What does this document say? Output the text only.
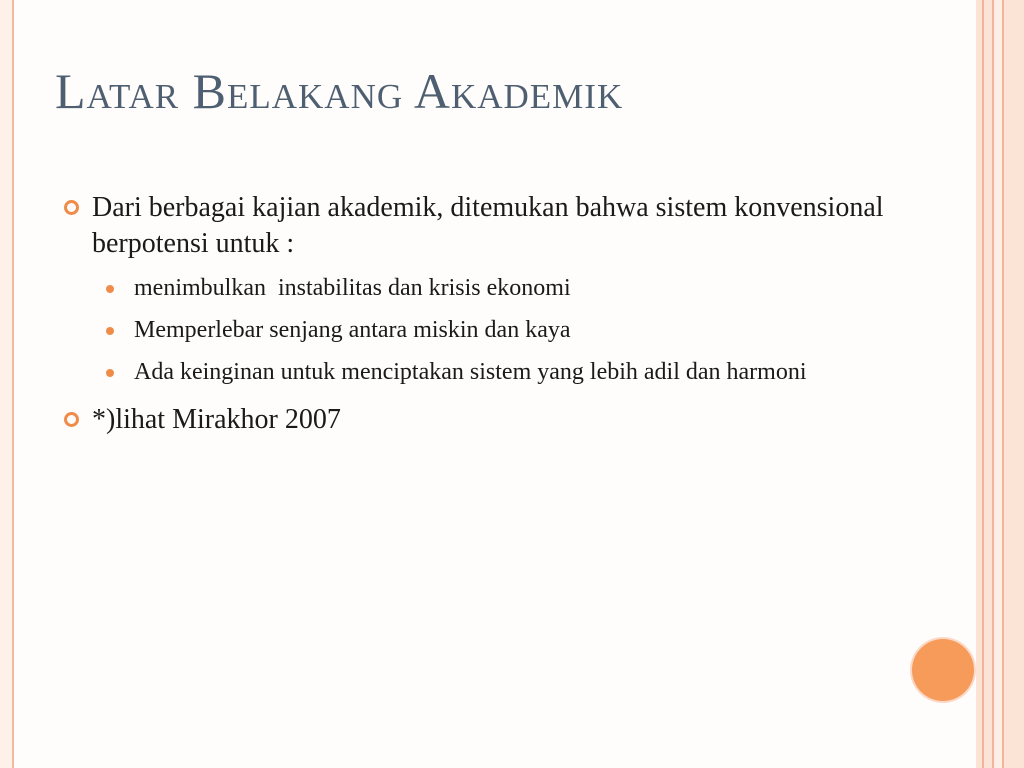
Latar Belakang Akademik
Dari berbagai kajian akademik, ditemukan bahwa sistem konvensional berpotensi untuk :
menimbulkan  instabilitas dan krisis ekonomi
Memperlebar senjang antara miskin dan kaya
Ada keinginan untuk menciptakan sistem yang lebih adil dan harmoni
*)lihat Mirakhor 2007
